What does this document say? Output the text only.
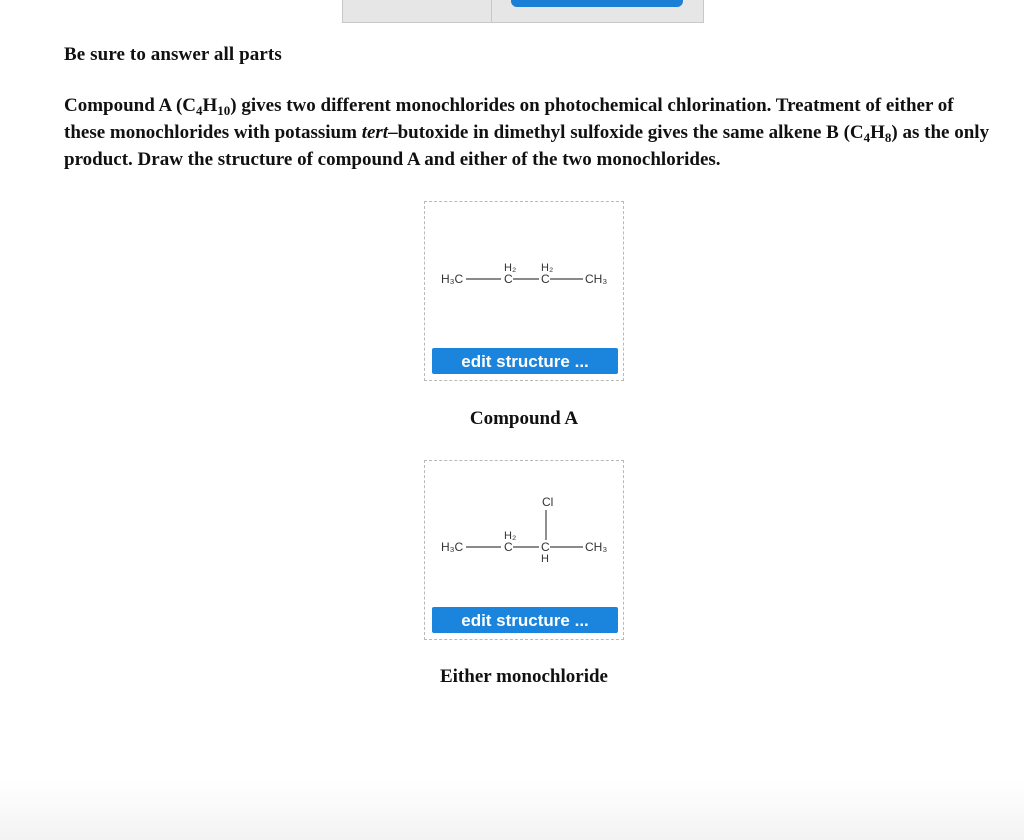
Be sure to answer all parts
Compound A $(C_4H_{10})$ gives two different monochlorides on photochemical chlorination. Treatment of either of these monochlorides with potassium tert–butoxide in dimethyl sulfoxide gives the same alkene B $(C_4H_8)$ as the only product. Draw the structure of compound A and either of the two monochlorides.
H₃C
H₂
C
H₂
C	CH₃
edit structure ...
Compound A
H₃C
H₂
C
Cl
C
H
CH₃
edit structure ...
Either monochloride
